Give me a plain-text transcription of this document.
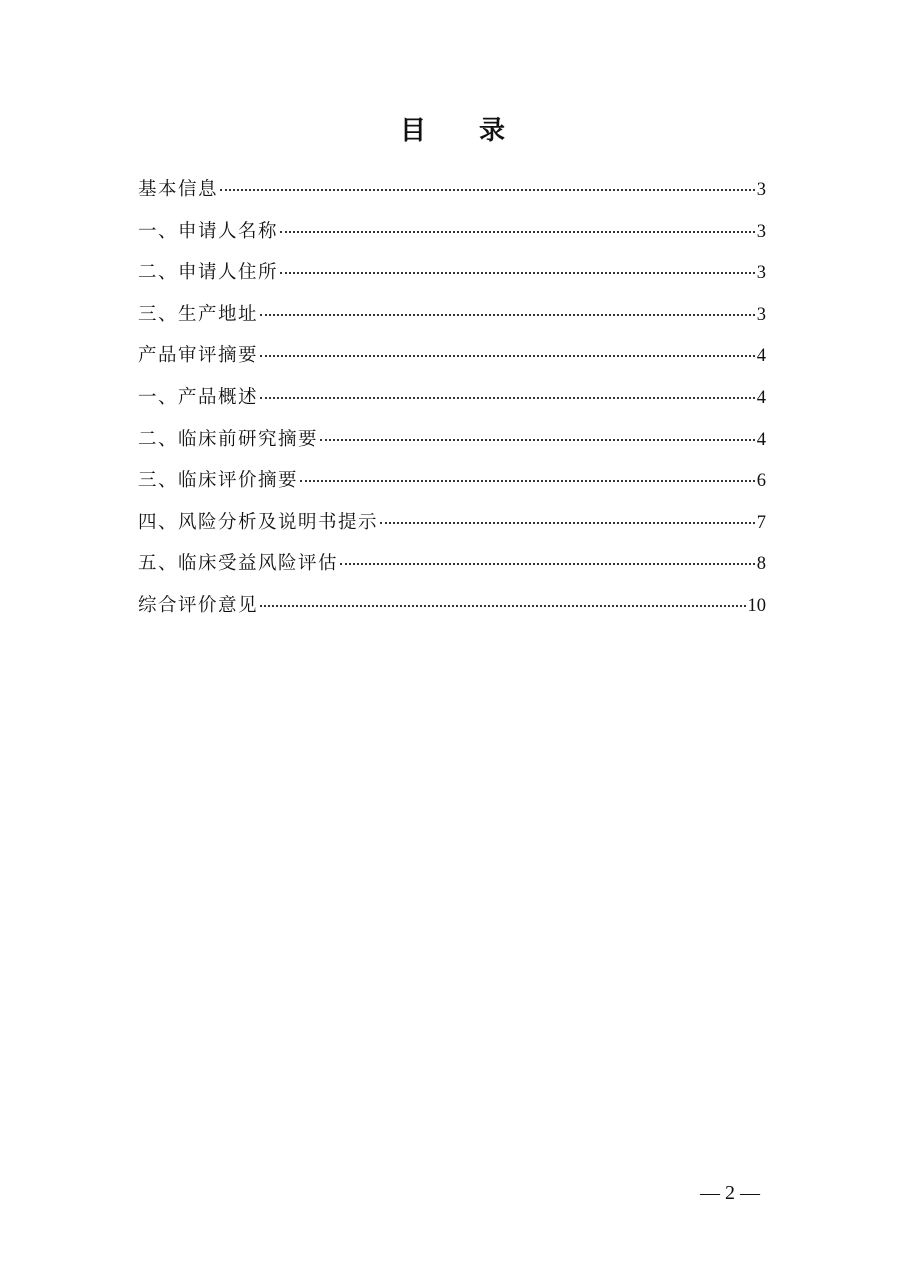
目 录
基本信息	3
一、申请人名称	3
二、申请人住所	3
三、生产地址	3
产品审评摘要	4
一、产品概述	4
二、临床前研究摘要	4
三、临床评价摘要	6
四、风险分析及说明书提示	7
五、临床受益风险评估	8
综合评价意见	10
— 2 —
